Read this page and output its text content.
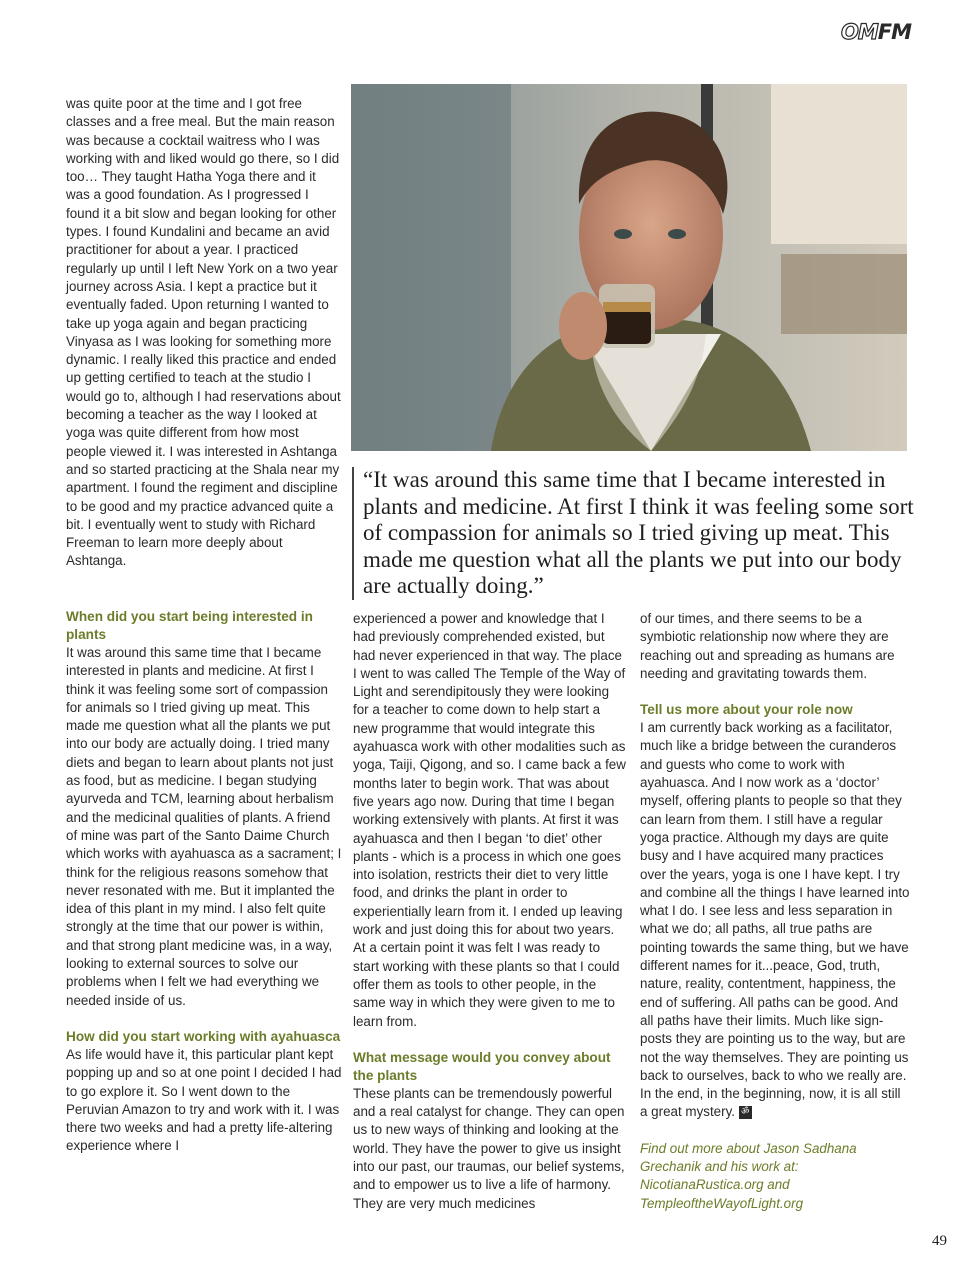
OMFM

was quite poor at the time and I got free classes and a free meal. But the main reason was because a cocktail waitress who I was working with and liked would go there, so I did too… They taught Hatha Yoga there and it was a good foundation. As I progressed I found it a bit slow and began looking for other types. I found Kundalini and became an avid practitioner for about a year. I practiced regularly up until I left New York on a two year journey across Asia. I kept a practice but it eventually faded. Upon returning I wanted to take up yoga again and began practicing Vinyasa as I was looking for something more dynamic. I really liked this practice and ended up getting certified to teach at the studio I would go to, although I had reservations about becoming a teacher as the way I looked at yoga was quite different from how most people viewed it. I was interested in Ashtanga and so started practicing at the Shala near my apartment. I found the regiment and discipline to be good and my practice advanced quite a bit. I eventually went to study with Richard Freeman to learn more deeply about Ashtanga.

“It was around this same time that I became interested in plants and medicine. At first I think it was feeling some sort of compassion for animals so I tried giving up meat. This made me question what all the plants we put into our body are actually doing.”

When did you start being interested in plants

It was around this same time that I became interested in plants and medicine. At first I think it was feeling some sort of compassion for animals so I tried giving up meat. This made me question what all the plants we put into our body are actually doing. I tried many diets and began to learn about plants not just as food, but as medicine. I began studying ayurveda and TCM, learning about herbalism and the medicinal qualities of plants. A friend of mine was part of the Santo Daime Church which works with ayahuasca as a sacrament; I think for the religious reasons somehow that never resonated with me. But it implanted the idea of this plant in my mind. I also felt quite strongly at the time that our power is within, and that strong plant medicine was, in a way, looking to external sources to solve our problems when I felt we had everything we needed inside of us.

How did you start working with ayahuasca

As life would have it, this particular plant kept popping up and so at one point I decided I had to go explore it. So I went down to the Peruvian Amazon to try and work with it. I was there two weeks and had a pretty life-altering experience where I

experienced a power and knowledge that I had previously comprehended existed, but had never experienced in that way. The place I went to was called The Temple of the Way of Light and serendipitously they were looking for a teacher to come down to help start a new programme that would integrate this ayahuasca work with other modalities such as yoga, Taiji, Qigong, and so. I came back a few months later to begin work. That was about five years ago now. During that time I began working extensively with plants. At first it was ayahuasca and then I began ‘to diet’ other plants - which is a process in which one goes into isolation, restricts their diet to very little food, and drinks the plant in order to experientially learn from it. I ended up leaving work and just doing this for about two years. At a certain point it was felt I was ready to start working with these plants so that I could offer them as tools to other people, in the same way in which they were given to me to learn from.

What message would you convey about the plants

These plants can be tremendously powerful and a real catalyst for change. They can open us to new ways of thinking and looking at the world. They have the power to give us insight into our past, our traumas, our belief systems, and to empower us to live a life of harmony. They are very much medicines

of our times, and there seems to be a symbiotic relationship now where they are reaching out and spreading as humans are needing and gravitating towards them.

Tell us more about your role now

I am currently back working as a facilitator, much like a bridge between the curanderos and guests who come to work with ayahuasca. And I now work as a ‘doctor’ myself, offering plants to people so that they can learn from them. I still have a regular yoga practice. Although my days are quite busy and I have acquired many practices over the years, yoga is one I have kept. I try and combine all the things I have learned into what I do. I see less and less separation in what we do; all paths, all true paths are pointing towards the same thing, but we have different names for it...peace, God, truth, nature, reality, contentment, happiness, the end of suffering. All paths can be good. And all paths have their limits. Much like sign-posts they are pointing us to the way, but are not the way themselves. They are pointing us back to ourselves, back to who we really are. In the end, in the beginning, now, it is all still a great mystery. ॐ

Find out more about Jason Sadhana Grechanik and his work at: NicotianaRustica.org and TempleoftheWayofLight.org

49
